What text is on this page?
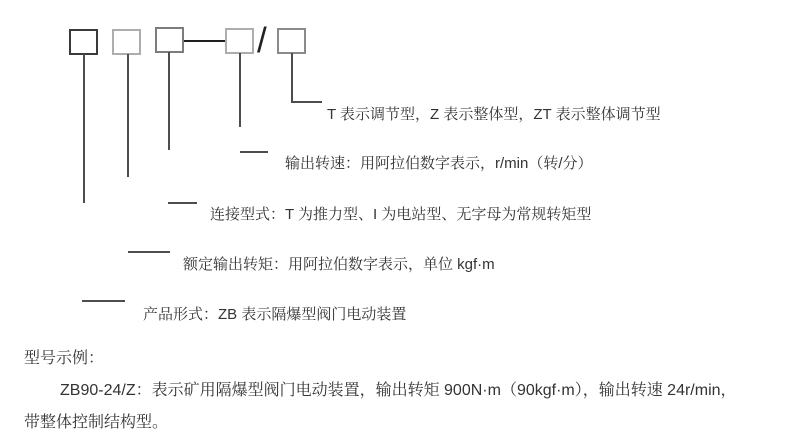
/
T 表示调节型，Z 表示整体型，ZT 表示整体调节型
输出转速：用阿拉伯数字表示，r/min（转/分）
连接型式：T 为推力型、I 为电站型、无字母为常规转矩型
额定输出转矩：用阿拉伯数字表示，单位 kgf·m
产品形式：ZB 表示隔爆型阀门电动装置
型号示例：
ZB90-24/Z：表示矿用隔爆型阀门电动装置，输出转矩 900N·m（90kgf·m），输出转速 24r/min，
带整体控制结构型。
